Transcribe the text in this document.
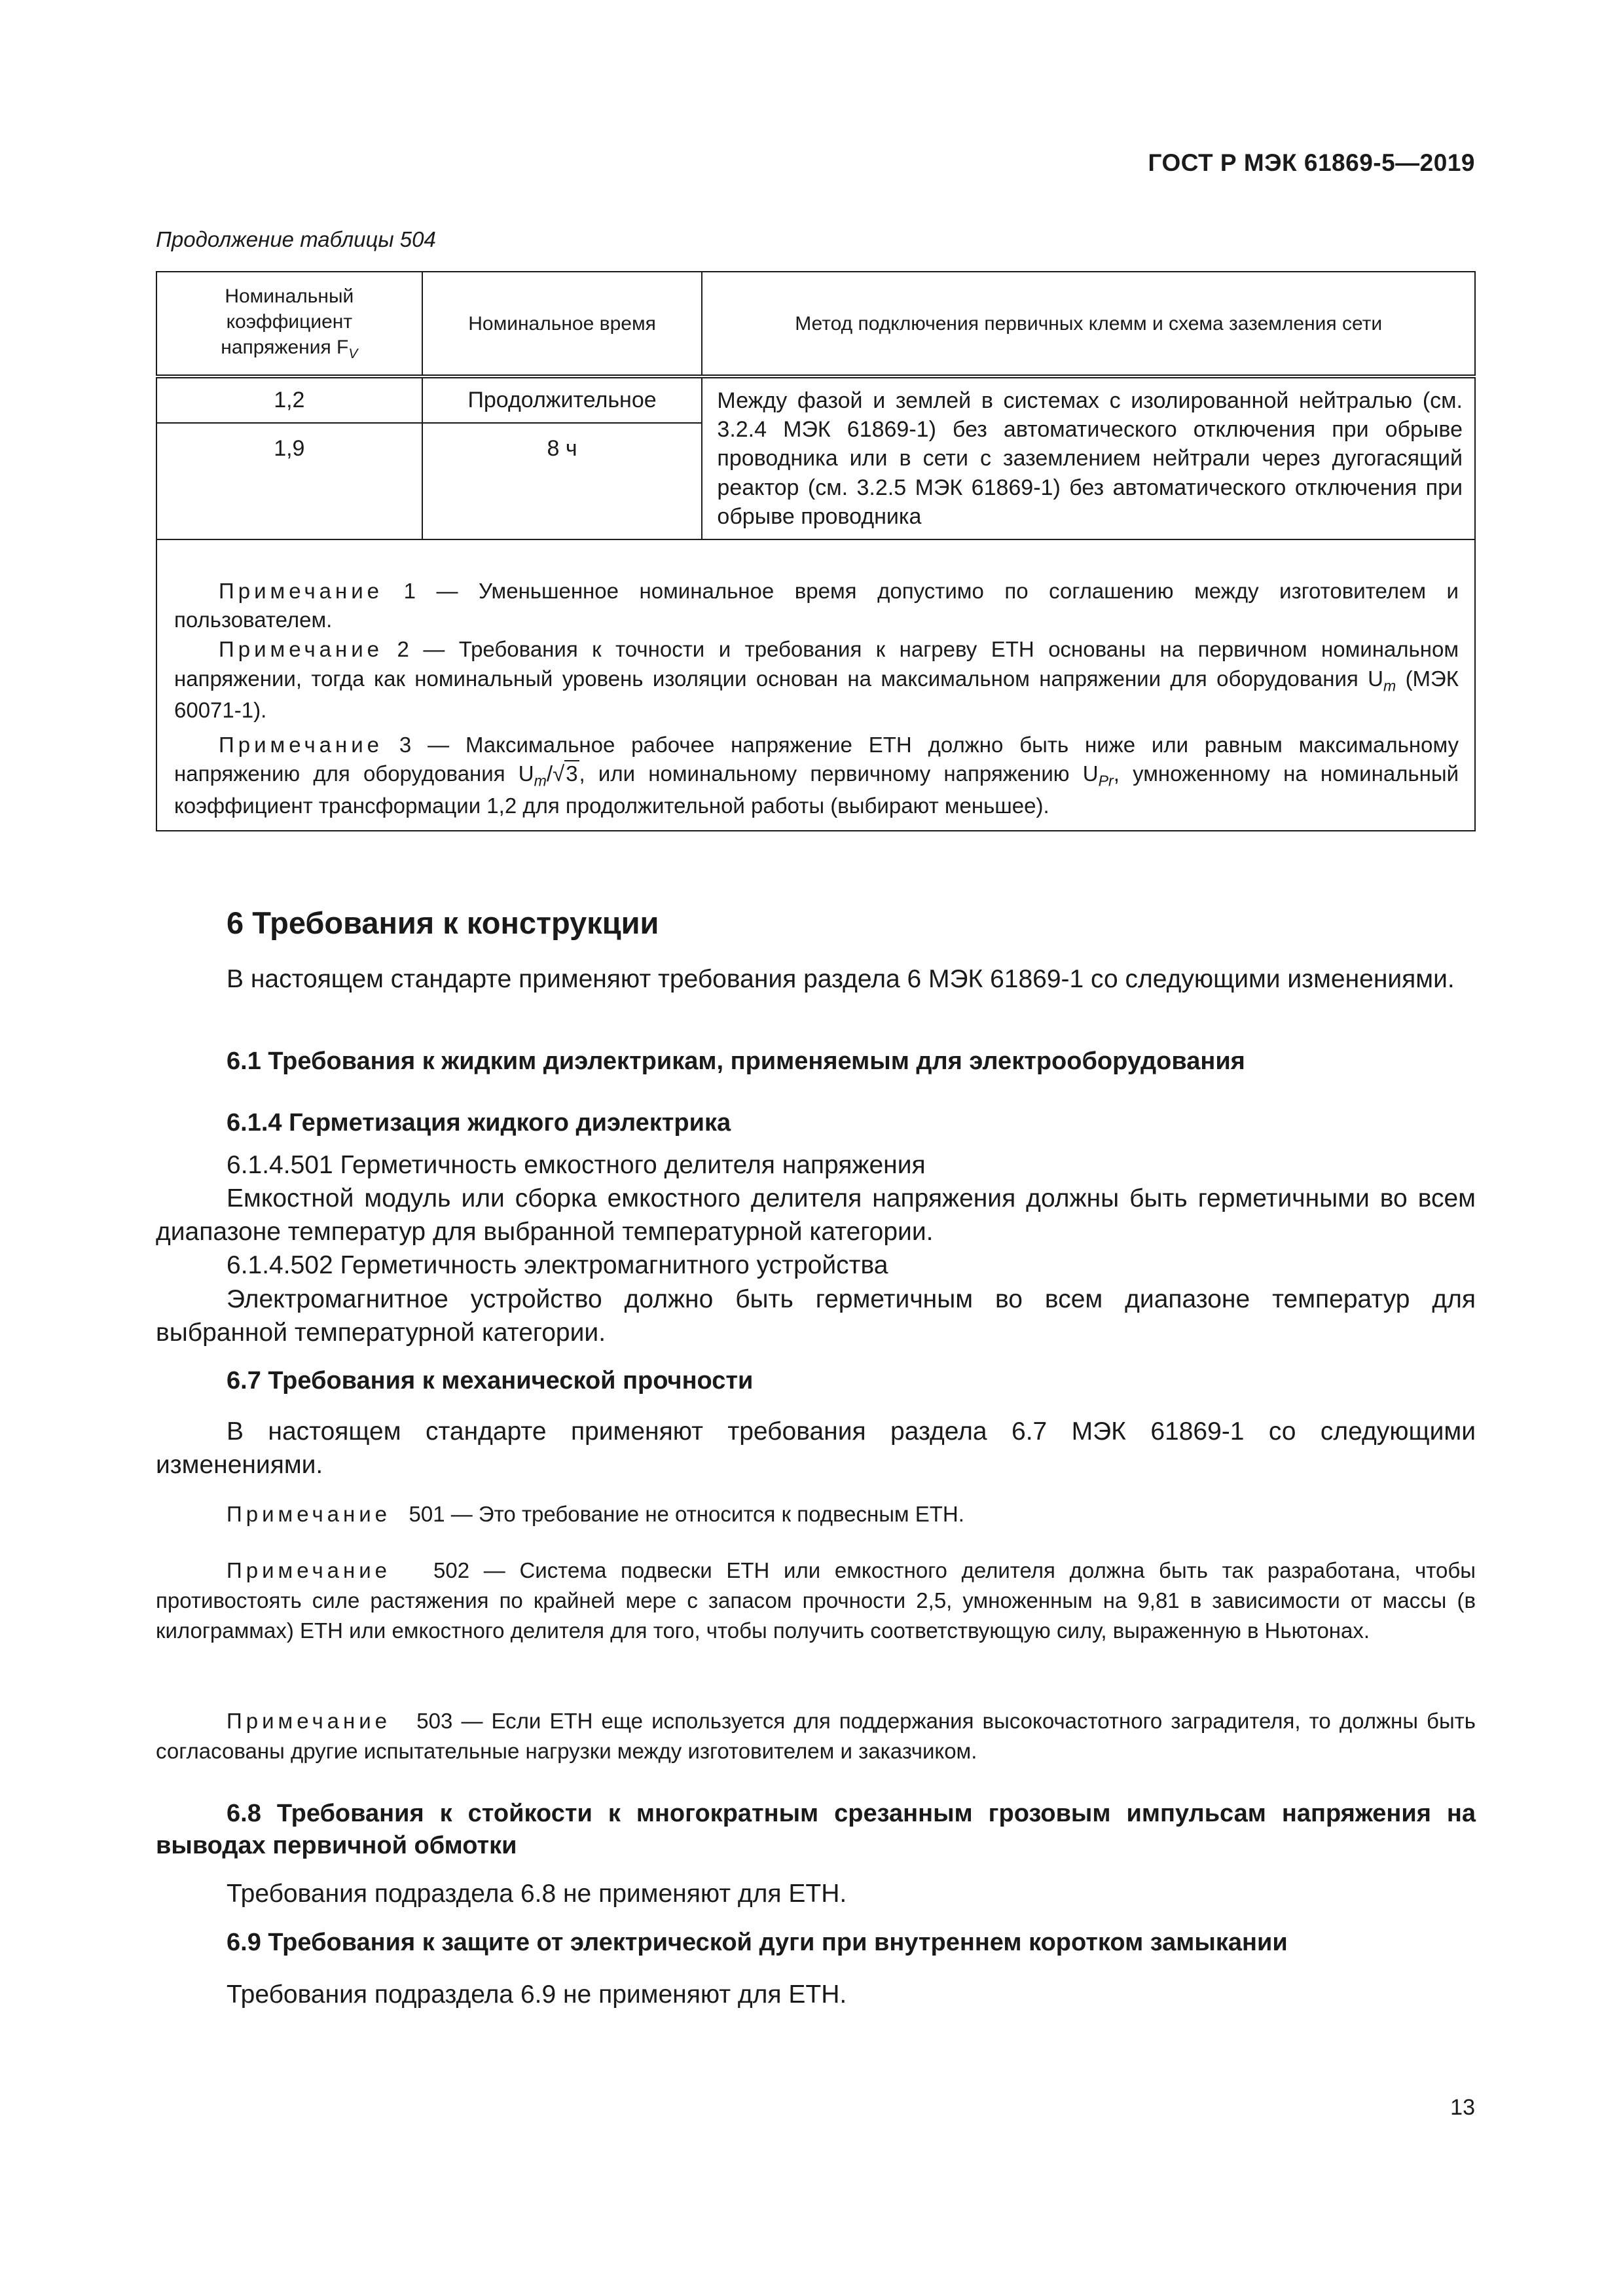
ГОСТ Р МЭК 61869-5—2019
Продолжение таблицы 504
Номинальный
коэффициент
напряжения $F_V$	Номинальное время	Метод подключения первичных клемм и схема заземления сети
1,2	Продолжительное	Между фазой и землей в системах с изолированной нейтралью (см. 3.2.4 МЭК 61869-1) без автоматического отключения при обрыве проводника или в сети с заземлением нейтрали через дугогасящий реактор (см. 3.2.5 МЭК 61869-1) без автоматического отключения при обрыве проводника
1,9	8 ч	

Примечание 1 — Уменьшенное номинальное время допустимо по соглашению между изготовителем и пользователем.

Примечание 2 — Требования к точности и требования к нагреву ЕТН основаны на первичном номинальном напряжении, тогда как номинальный уровень изоляции основан на максимальном напряжении для оборудования $U_m$ (МЭК 60071-1).

Примечание 3 — Максимальное рабочее напряжение ЕТН должно быть ниже или равным максимальному напряжению для оборудования $U_m/√3$, или номинальному первичному напряжению $U_{Pr}$, умноженному на номинальный коэффициент трансформации 1,2 для продолжительной работы (выбирают меньшее).		

6 Требования к конструкции
В настоящем стандарте применяют требования раздела 6 МЭК 61869-1 со следующими изменениями.
6.1 Требования к жидким диэлектрикам, применяемым для электрооборудования
6.1.4 Герметизация жидкого диэлектрика
6.1.4.501 Герметичность емкостного делителя напряжения
Емкостной модуль или сборка емкостного делителя напряжения должны быть герметичными во всем диапазоне температур для выбранной температурной категории.
6.1.4.502 Герметичность электромагнитного устройства
Электромагнитное устройство должно быть герметичным во всем диапазоне температур для выбранной температурной категории.
6.7 Требования к механической прочности
В настоящем стандарте применяют требования раздела 6.7 МЭК 61869-1 со следующими изменениями.
Примечание 501 — Это требование не относится к подвесным ЕТН.
Примечание 502 — Система подвески ЕТН или емкостного делителя должна быть так разработана, чтобы противостоять силе растяжения по крайней мере с запасом прочности 2,5, умноженным на 9,81 в зависимости от массы (в килограммах) ЕТН или емкостного делителя для того, чтобы получить соответствующую силу, выраженную в Ньютонах.
Примечание 503 — Если ЕТН еще используется для поддержания высокочастотного заградителя, то должны быть согласованы другие испытательные нагрузки между изготовителем и заказчиком.
6.8 Требования к стойкости к многократным срезанным грозовым импульсам напряжения на выводах первичной обмотки
Требования подраздела 6.8 не применяют для ЕТН.
6.9 Требования к защите от электрической дуги при внутреннем коротком замыкании
Требования подраздела 6.9 не применяют для ЕТН.
13
